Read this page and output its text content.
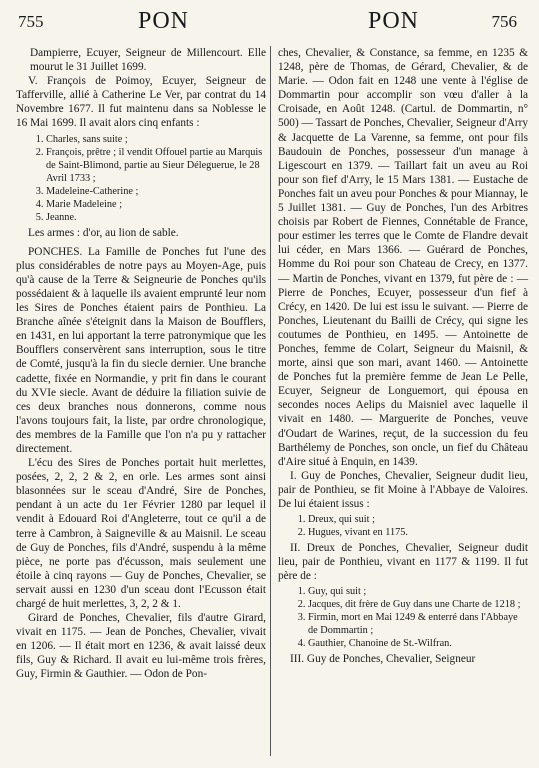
755	PON	PON	756

Dampierre, Ecuyer, Seigneur de Millencourt. Elle mourut le 31 Juillet 1699.

V. François de Poimoy, Ecuyer, Seigneur de Tafferville, allié à Catherine Le Ver, par contrat du 14 Novembre 1677. Il fut maintenu dans sa Noblesse le 16 Mai 1699. Il avait alors cinq enfants :

1. Charles, sans suite ;
2. François, prêtre ; il vendit Offouel partie au Marquis de Saint-Blimond, partie au Sieur Déleguerue, le 28 Avril 1733 ;
3. Madeleine-Catherine ;
4. Marie Madeleine ;
5. Jeanne.

Les armes : d'or, au lion de sable.

PONCHES. La Famille de Ponches fut l'une des plus considérables de notre pays au Moyen-Age, puis qu'à cause de la Terre & Seigneurie de Ponches qu'ils possédaient & à laquelle ils avaient emprunté leur nom les Sires de Ponches étaient pairs de Ponthieu. La Branche aînée s'éteignit dans la Maison de Boufflers, en 1431, en lui apportant la terre patronymique que les Boufflers conservèrent sans interruption, sous le titre de Comté, jusqu'à la fin du siecle dernier. Une branche cadette, fixée en Normandie, y prit fin dans le courant du XVIe siecle. Avant de déduire la filiation suivie de ces deux branches nous donnerons, comme nous l'avons toujours fait, la liste, par ordre chronologique, des membres de la Famille que l'on n'a pu y rattacher directement.

L'écu des Sires de Ponches portait huit merlettes, posées, 2, 2, 2 & 2, en orle. Les armes sont ainsi blasonnées sur le sceau d'André, Sire de Ponches, pendant à un acte du 1er Février 1280 par lequel il vendit à Edouard Roi d'Angleterre, tout ce qu'il a de terre à Cambron, à Saigneville & au Maisnil. Le sceau de Guy de Ponches, fils d'André, suspendu à la même pièce, ne porte pas d'écusson, mais seulement une étoile à cinq rayons — Guy de Ponches, Chevalier, se servait aussi en 1230 d'un sceau dont l'Ecusson était chargé de huit merlettes, 3, 2, 2 & 1.

Girard de Ponches, Chevalier, fils d'autre Girard, vivait en 1175. — Jean de Ponches, Chevalier, vivait en 1206. — Il était mort en 1236, & avait laissé deux fils, Guy & Richard. Il avait eu lui-même trois frères, Guy, Firmin & Gauthier. — Odon de Pon-

ches, Chevalier, & Constance, sa femme, en 1235 & 1248, père de Thomas, de Gérard, Chevalier, & de Marie. — Odon fait en 1248 une vente à l'église de Dommartin pour accomplir son vœu d'aller à la Croisade, en Août 1248. (Cartul. de Dommartin, n° 500) — Tassart de Ponches, Chevalier, Seigneur d'Arry & Jacquette de La Varenne, sa femme, ont pour fils Baudouin de Ponches, possesseur d'un manage à Ligescourt en 1379. — Taillart fait un aveu au Roi pour son fief d'Arry, le 15 Mars 1381. — Eustache de Ponches fait un aveu pour Ponches & pour Miannay, le 5 Juillet 1381. — Guy de Ponches, l'un des Arbitres choisis par Robert de Fiennes, Connétable de France, pour estimer les terres que le Comte de Flandre devait lui céder, en Mars 1366. — Guérard de Ponches, Homme du Roi pour son Chateau de Crecy, en 1377. — Martin de Ponches, vivant en 1379, fut père de : — Pierre de Ponches, Ecuyer, possesseur d'un fief à Crécy, en 1420. De lui est issu le suivant. — Pierre de Ponches, Lieutenant du Bailli de Crécy, qui signe les coutumes de Ponthieu, en 1495. — Antoinette de Ponches, femme de Colart, Seigneur du Maisnil, & morte, ainsi que son mari, avant 1460. — Antoinette de Ponches fut la première femme de Jean Le Pelle, Ecuyer, Seigneur de Longuemort, qui épousa en secondes noces Aelips du Maisniel avec laquelle il vivait en 1480. — Marguerite de Ponches, veuve d'Oudart de Warines, reçut, de la succession du feu Barthélemy de Ponches, son oncle, un fief du Château d'Aire situé à Enquin, en 1439.

I. Guy de Ponches, Chevalier, Seigneur dudit lieu, pair de Ponthieu, se fit Moine à l'Abbaye de Valoires. De lui étaient issus :

1. Dreux, qui suit ;
2. Hugues, vivant en 1175.

II. Dreux de Ponches, Chevalier, Seigneur dudit lieu, pair de Ponthieu, vivant en 1177 & 1199. Il fut père de :

1. Guy, qui suit ;
2. Jacques, dit frère de Guy dans une Charte de 1218 ;
3. Firmin, mort en Mai 1249 & enterré dans l'Abbaye de Dommartin ;
4. Gauthier, Chanoine de St.-Wilfran.

III. Guy de Ponches, Chevalier, Seigneur
